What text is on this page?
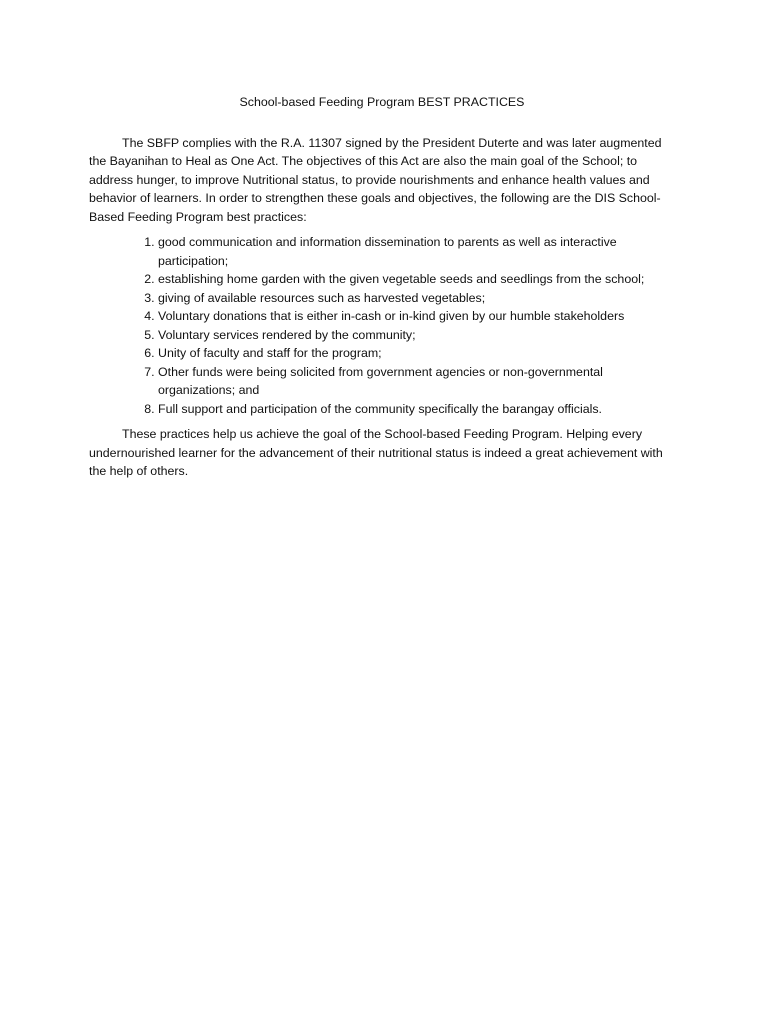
School-based Feeding Program BEST PRACTICES

The SBFP complies with the R.A. 11307 signed by the President Duterte and was later augmented the Bayanihan to Heal as One Act. The objectives of this Act are also the main goal of the School; to address hunger, to improve Nutritional status, to provide nourishments and enhance health values and behavior of learners. In order to strengthen these goals and objectives, the following are the DIS School-Based Feeding Program best practices:

1. good communication and information dissemination to parents as well as interactive participation;
2. establishing home garden with the given vegetable seeds and seedlings from the school;
3. giving of available resources such as harvested vegetables;
4. Voluntary donations that is either in-cash or in-kind given by our humble stakeholders
5. Voluntary services rendered by the community;
6. Unity of faculty and staff for the program;
7. Other funds were being solicited from government agencies or non-governmental organizations; and
8. Full support and participation of the community specifically the barangay officials.

These practices help us achieve the goal of the School-based Feeding Program. Helping every undernourished learner for the advancement of their nutritional status is indeed a great achievement with the help of others.
